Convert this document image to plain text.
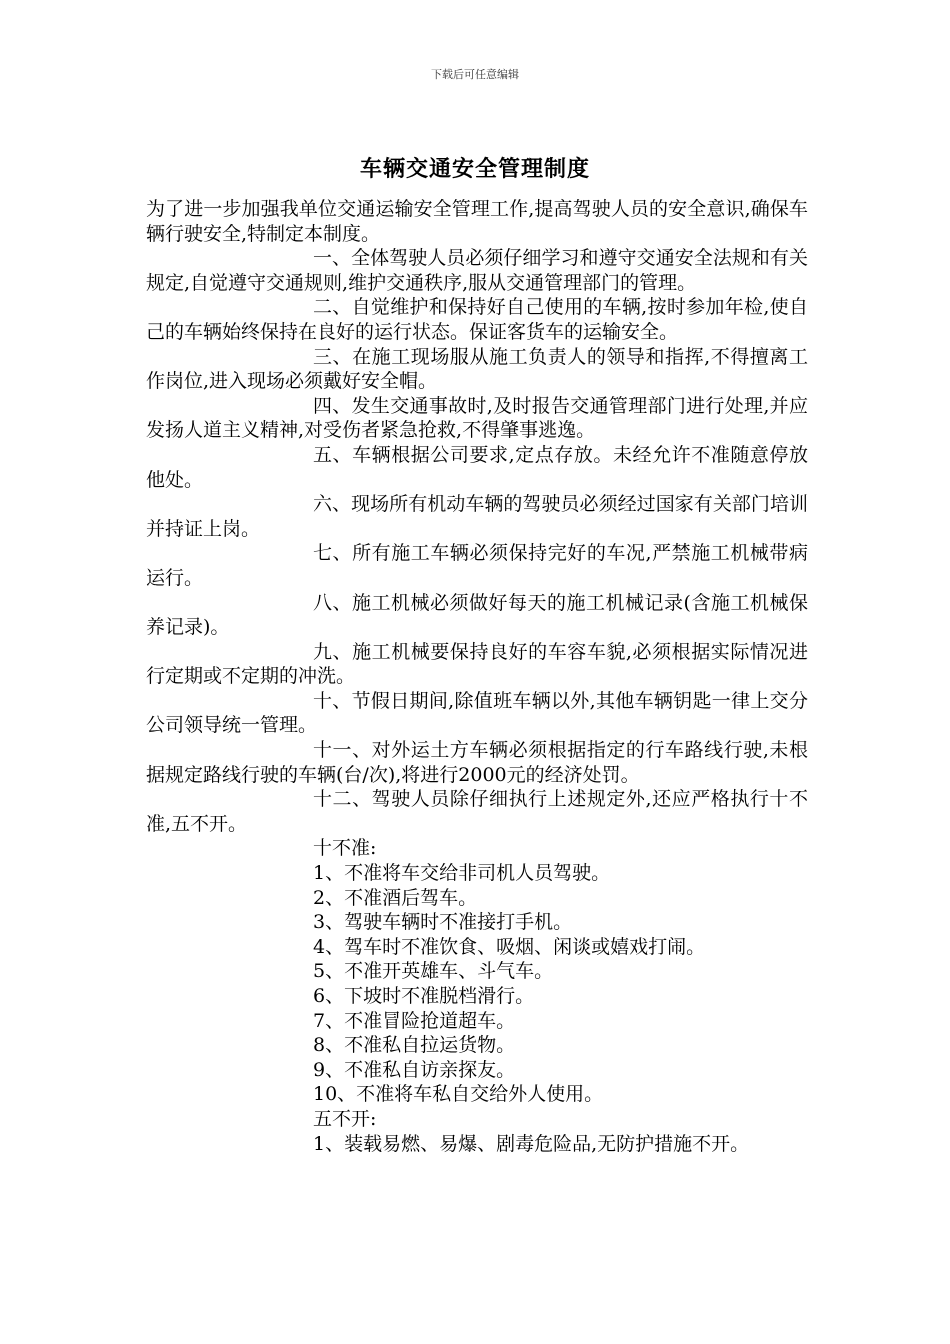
下载后可任意编辑
车辆交通安全管理制度

为了进一步加强我单位交通运输安全管理工作,提高驾驶人员的安全意识,确保车辆行驶安全,特制定本制度。

一、全体驾驶人员必须仔细学习和遵守交通安全法规和有关规定,自觉遵守交通规则,维护交通秩序,服从交通管理部门的管理。

二、自觉维护和保持好自己使用的车辆,按时参加年检,使自己的车辆始终保持在良好的运行状态。保证客货车的运输安全。

三、在施工现场服从施工负责人的领导和指挥,不得擅离工作岗位,进入现场必须戴好安全帽。

四、发生交通事故时,及时报告交通管理部门进行处理,并应发扬人道主义精神,对受伤者紧急抢救,不得肇事逃逸。

五、车辆根据公司要求,定点存放。未经允许不准随意停放他处。

六、现场所有机动车辆的驾驶员必须经过国家有关部门培训并持证上岗。

七、所有施工车辆必须保持完好的车况,严禁施工机械带病运行。

八、施工机械必须做好每天的施工机械记录(含施工机械保养记录)。

九、施工机械要保持良好的车容车貌,必须根据实际情况进行定期或不定期的冲洗。

十、节假日期间,除值班车辆以外,其他车辆钥匙一律上交分公司领导统一管理。

十一、对外运土方车辆必须根据指定的行车路线行驶,未根据规定路线行驶的车辆(台/次),将进行2000元的经济处罚。

十二、驾驶人员除仔细执行上述规定外,还应严格执行十不准,五不开。

十不准:

1、不准将车交给非司机人员驾驶。

2、不准酒后驾车。

3、驾驶车辆时不准接打手机。

4、驾车时不准饮食、吸烟、闲谈或嬉戏打闹。

5、不准开英雄车、斗气车。

6、下坡时不准脱档滑行。

7、不准冒险抢道超车。

8、不准私自拉运货物。

9、不准私自访亲探友。

10、不准将车私自交给外人使用。

五不开:

1、装载易燃、易爆、剧毒危险品,无防护措施不开。
